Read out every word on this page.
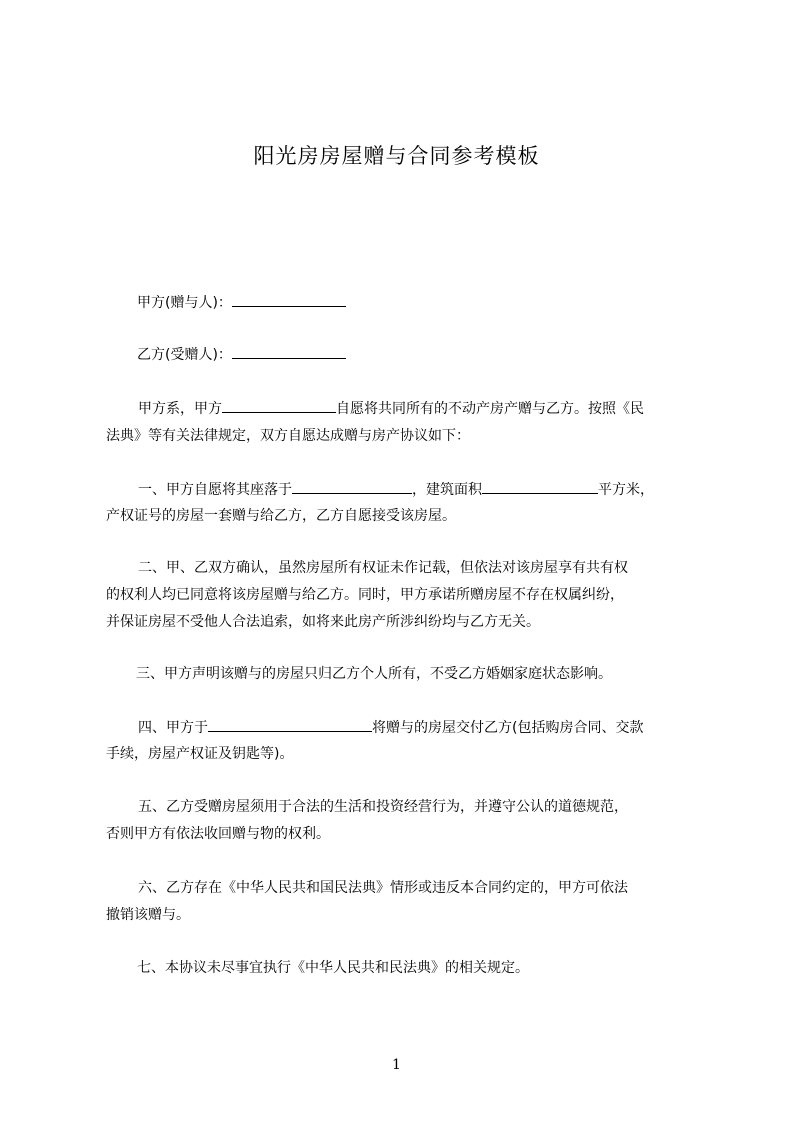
阳光房房屋赠与合同参考模板
甲方(赠与人)：
乙方(受赠人)：
甲方系，甲方	自愿将共同所有的不动产房产赠与乙方。按照《民
法典》等有关法律规定，双方自愿达成赠与房产协议如下：
一、甲方自愿将其座落于	，建筑面积	平方米，
产权证号的房屋一套赠与给乙方，乙方自愿接受该房屋。
二、甲、乙双方确认，虽然房屋所有权证未作记载，但依法对该房屋享有共有权
的权利人均已同意将该房屋赠与给乙方。同时，甲方承诺所赠房屋不存在权属纠纷，
并保证房屋不受他人合法追索，如将来此房产所涉纠纷均与乙方无关。
三、甲方声明该赠与的房屋只归乙方个人所有，不受乙方婚姻家庭状态影响。
四、甲方于	将赠与的房屋交付乙方(包括购房合同、交款
手续，房屋产权证及钥匙等)。
五、乙方受赠房屋须用于合法的生活和投资经营行为，并遵守公认的道德规范，
否则甲方有依法收回赠与物的权利。
六、乙方存在《中华人民共和国民法典》情形或违反本合同约定的，甲方可依法
撤销该赠与。
七、本协议未尽事宜执行《中华人民共和民法典》的相关规定。
1
